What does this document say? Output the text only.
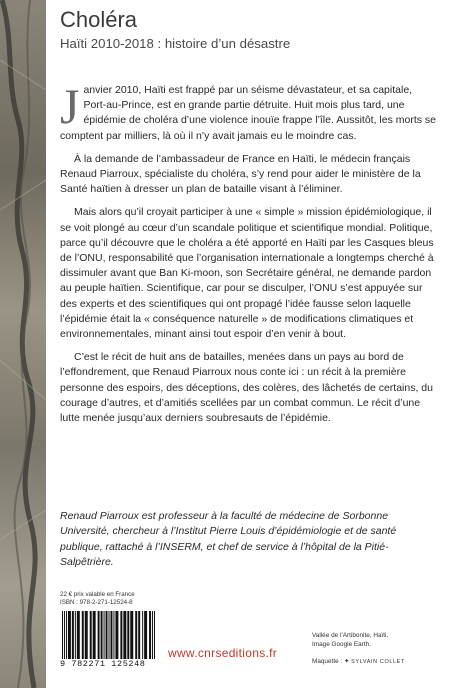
Choléra

Haïti 2010-2018 : histoire d’un désastre

Janvier 2010, Haïti est frappé par un séisme dévastateur, et sa capitale, Port-au-Prince, est en grande partie détruite. Huit mois plus tard, une épidémie de choléra d’une violence inouïe frappe l’île. Aussitôt, les morts se comptent par milliers, là où il n’y avait jamais eu le moindre cas.

À la demande de l’ambassadeur de France en Haïti, le médecin français Renaud Piarroux, spécialiste du choléra, s’y rend pour aider le ministère de la Santé haïtien à dresser un plan de bataille visant à l’éliminer.

Mais alors qu’il croyait participer à une « simple » mission épidémiologique, il se voit plongé au cœur d’un scandale politique et scientifique mondial. Politique, parce qu’il découvre que le choléra a été apporté en Haïti par les Casques bleus de l’ONU, responsabilité que l’organisation internationale a longtemps cherché à dissimuler avant que Ban Ki-moon, son Secrétaire général, ne demande pardon au peuple haïtien. Scientifique, car pour se disculper, l’ONU s’est appuyée sur des experts et des scientifiques qui ont propagé l’idée fausse selon laquelle l’épidémie était la « conséquence naturelle » de modifications climatiques et environnementales, minant ainsi tout espoir d’en venir à bout.

C’est le récit de huit ans de batailles, menées dans un pays au bord de l’effondrement, que Renaud Piarroux nous conte ici : un récit à la première personne des espoirs, des déceptions, des colères, des lâchetés de certains, du courage d’autres, et d’amitiés scellées par un combat commun. Le récit d’une lutte menée jusqu’aux derniers soubresauts de l’épidémie.

Renaud Piarroux est professeur à la faculté de médecine de Sorbonne Université, chercheur à l’Institut Pierre Louis d’épidémiologie et de santé publique, rattaché à l’INSERM, et chef de service à l’hôpital de la Pitié-Salpêtrière.

22 € prix valable en France
ISBN : 978-2-271-12524-8
9 782271 125248
www.cnrseditions.fr
Vallée de l’Artibonite, Haïti.
Image Google Earth.
Maquette : ✦ SYLVAIN COLLET
